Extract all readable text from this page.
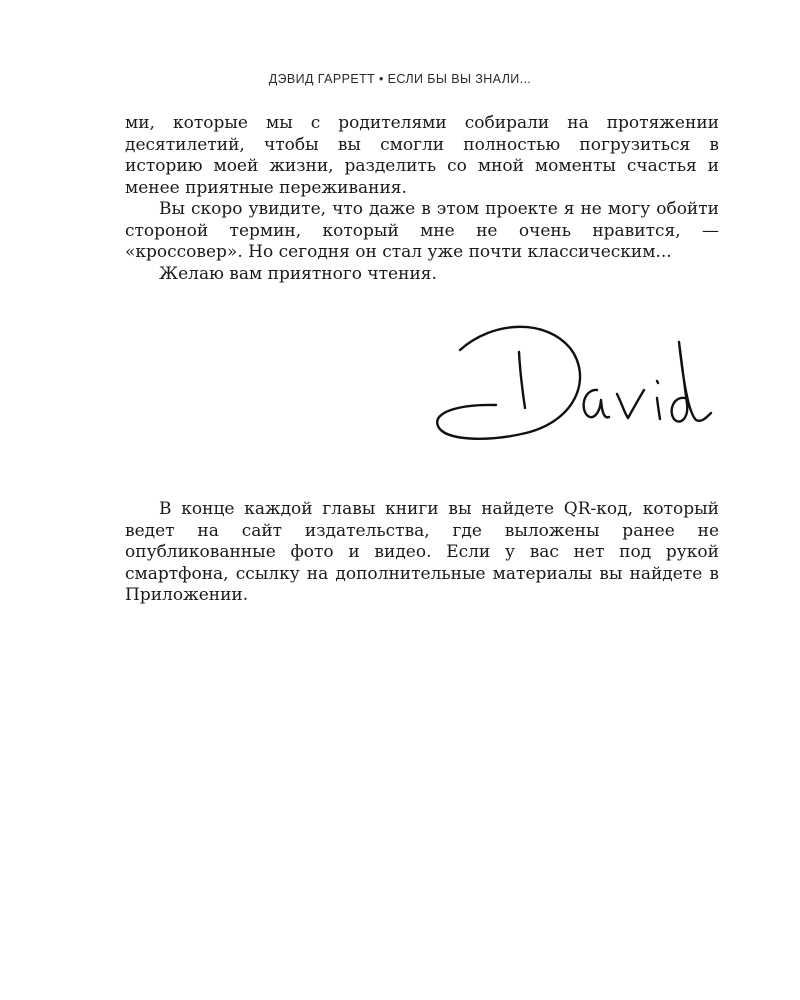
ДЭВИД ГАРРЕТТ • ЕСЛИ БЫ ВЫ ЗНАЛИ...

ми, которые мы с родителями собирали на протяжении десятилетий, чтобы вы смогли полностью погрузиться в историю моей жизни, разделить со мной моменты счастья и менее приятные переживания.

Вы скоро увидите, что даже в этом проекте я не могу обойти стороной термин, который мне не очень нравится, — «кроссовер». Но сегодня он стал уже почти классическим...

Желаю вам приятного чтения.

В конце каждой главы книги вы найдете QR-код, который ведет на сайт издательства, где выложены ранее не опубликованные фото и видео. Если у вас нет под рукой смартфона, ссылку на дополнительные материалы вы найдете в Приложении.
